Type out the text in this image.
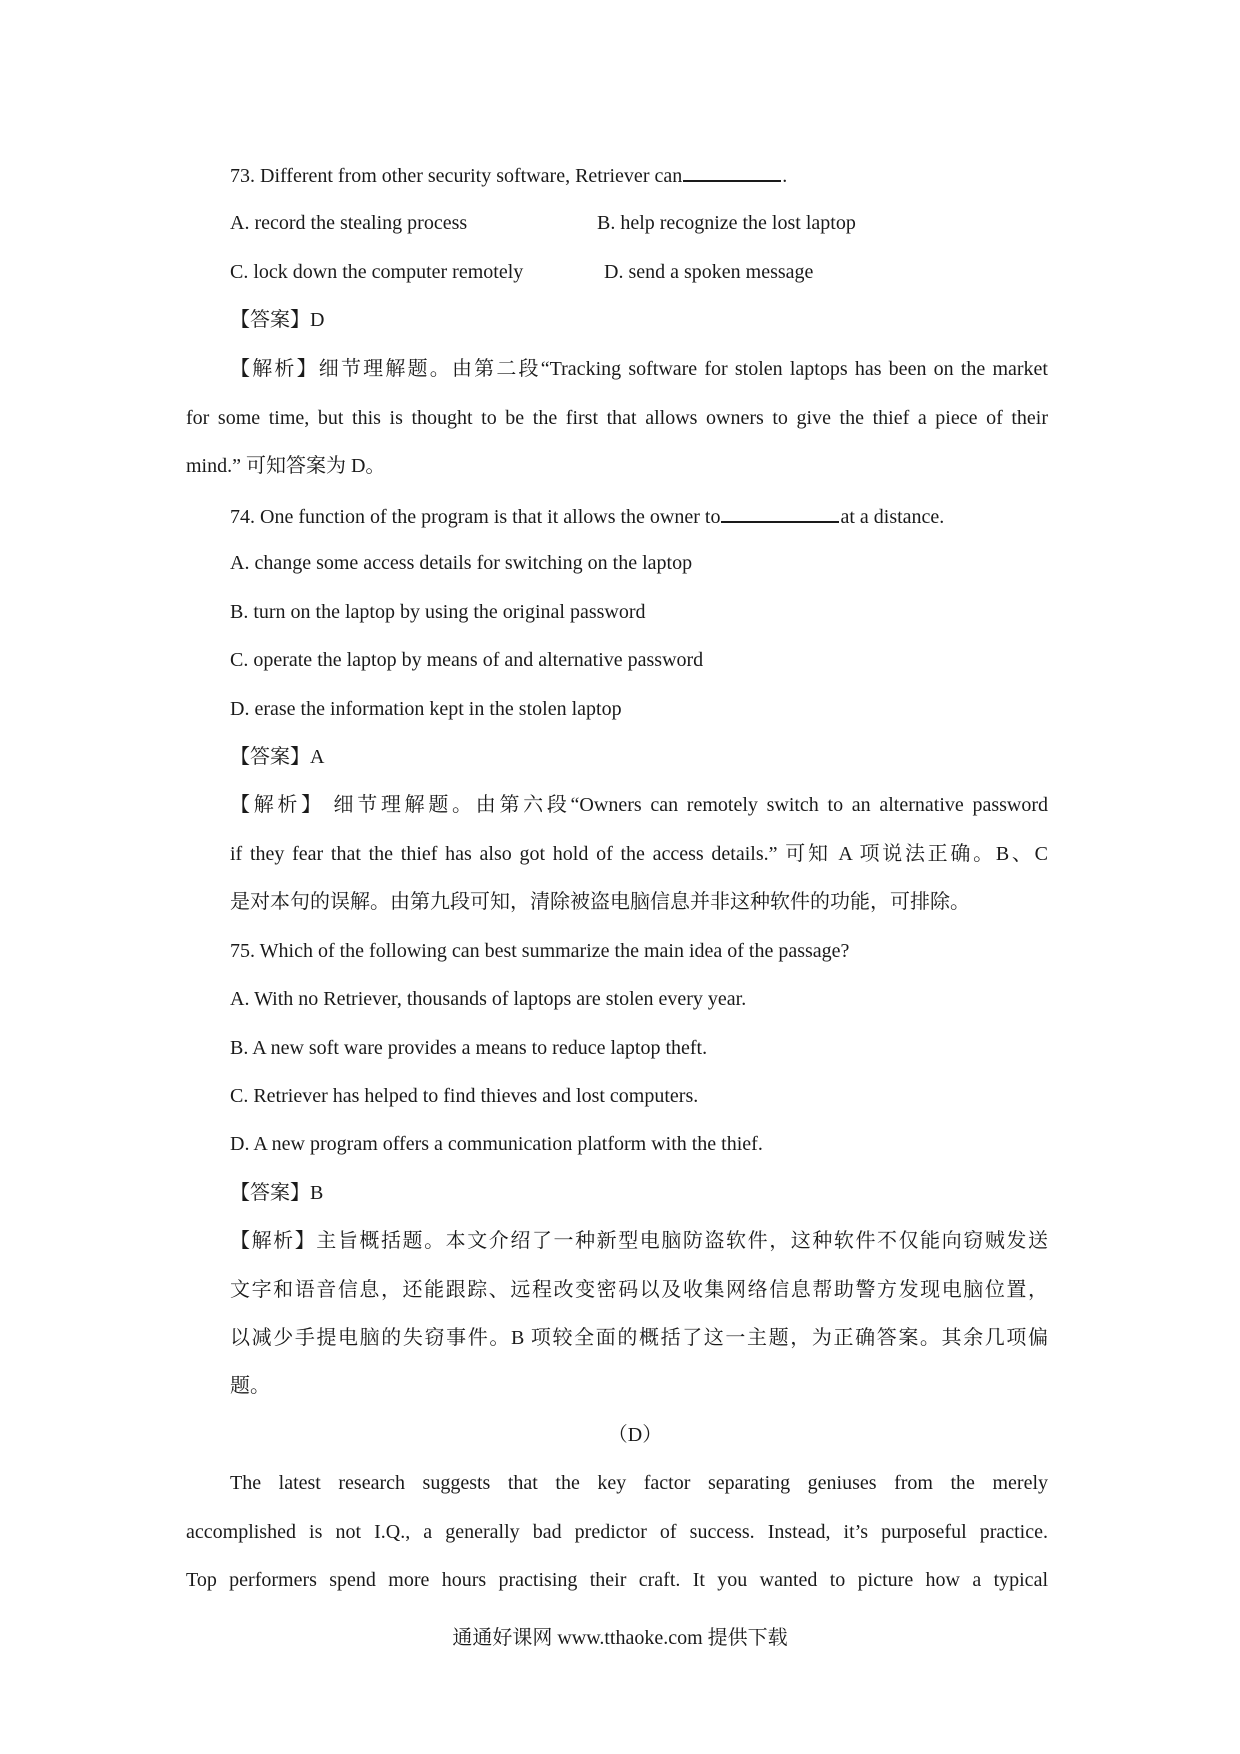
73. Different from other security software, Retriever can	.
A. record the stealing process	B. help recognize the lost laptop
C. lock down the computer remotely	D. send a spoken message
【答案】D
【解析】细节理解题。由第二段“Tracking software for stolen laptops has been on the market
for some time, but this is thought to be the first that allows owners to give the thief a piece of their
mind.” 可知答案为 D。
74. One function of the program is that it allows the owner to	at a distance.
A. change some access details for switching on the laptop
B. turn on the laptop by using the original password
C. operate the laptop by means of and alternative password
D. erase the information kept in the stolen laptop
【答案】A
【解析】 细节理解题。由第六段“Owners can remotely switch to an alternative password
if they fear that the thief has also got hold of the access details.” 可知 A 项说法正确。B、C
是对本句的误解。由第九段可知，清除被盗电脑信息并非这种软件的功能，可排除。
75. Which of the following can best summarize the main idea of the passage?
A. With no Retriever, thousands of laptops are stolen every year.
B. A new soft ware provides a means to reduce laptop theft.
C. Retriever has helped to find thieves and lost computers.
D. A new program offers a communication platform with the thief.
【答案】B
【解析】主旨概括题。本文介绍了一种新型电脑防盗软件，这种软件不仅能向窃贼发送
文字和语音信息，还能跟踪、远程改变密码以及收集网络信息帮助警方发现电脑位置，
以减少手提电脑的失窃事件。B 项较全面的概括了这一主题，为正确答案。其余几项偏
题。
（D）
The latest research suggests that the key factor separating geniuses from the merely
accomplished is not I.Q., a generally bad predictor of success. Instead, it’s purposeful practice.
Top performers spend more hours practising their craft. It you wanted to picture how a typical
通通好课网 www.tthaoke.com 提供下载
